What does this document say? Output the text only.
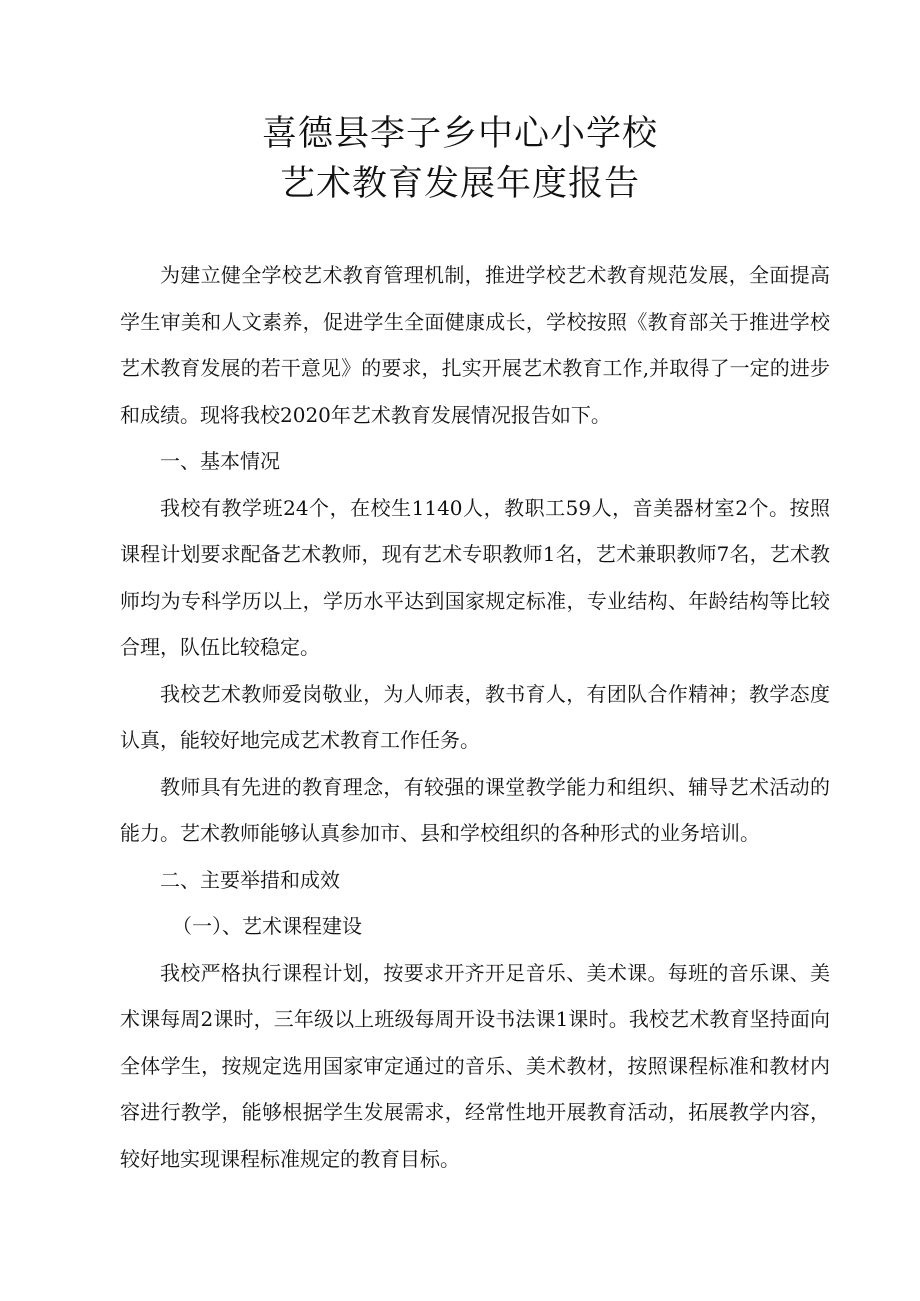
喜德县李子乡中心小学校
艺术教育发展年度报告

为建立健全学校艺术教育管理机制，推进学校艺术教育规范发展，全面提高学生审美和人文素养，促进学生全面健康成长，学校按照《教育部关于推进学校艺术教育发展的若干意见》的要求，扎实开展艺术教育工作,并取得了一定的进步和成绩。现将我校2020年艺术教育发展情况报告如下。

一、基本情况

我校有教学班24个，在校生1140人，教职工59人，音美器材室2个。按照课程计划要求配备艺术教师，现有艺术专职教师1名，艺术兼职教师7名，艺术教师均为专科学历以上，学历水平达到国家规定标准，专业结构、年龄结构等比较合理，队伍比较稳定。

我校艺术教师爱岗敬业，为人师表，教书育人，有团队合作精神；教学态度认真，能较好地完成艺术教育工作任务。

教师具有先进的教育理念，有较强的课堂教学能力和组织、辅导艺术活动的能力。艺术教师能够认真参加市、县和学校组织的各种形式的业务培训。

二、主要举措和成效

（一）、艺术课程建设

我校严格执行课程计划，按要求开齐开足音乐、美术课。每班的音乐课、美术课每周2课时，三年级以上班级每周开设书法课1课时。我校艺术教育坚持面向全体学生，按规定选用国家审定通过的音乐、美术教材，按照课程标准和教材内容进行教学，能够根据学生发展需求，经常性地开展教育活动，拓展教学内容，较好地实现课程标准规定的教育目标。
